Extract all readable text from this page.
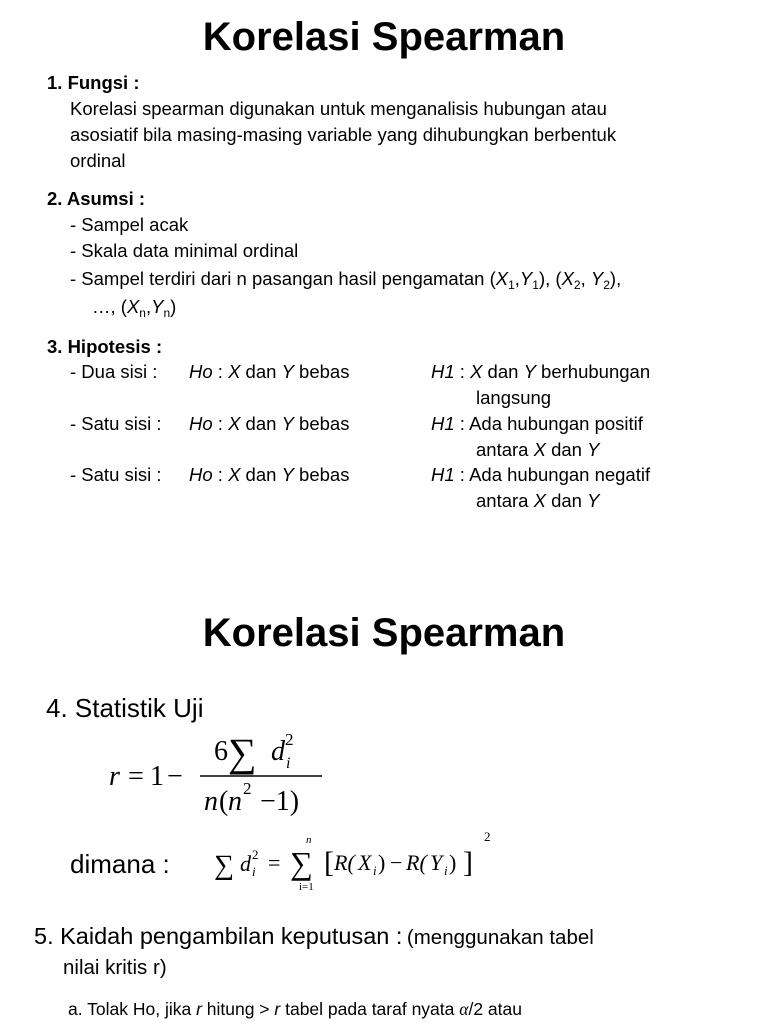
Korelasi Spearman
1. Fungsi :
Korelasi spearman digunakan untuk menganalisis hubungan atau
asosiatif bila masing-masing variable yang dihubungkan berbentuk
ordinal
2. Asumsi :
- Sampel acak
- Skala data minimal ordinal
- Sampel terdiri dari n pasangan hasil pengamatan $(X_1,Y_1)$, ($X_2$, $Y_2$),
…, $(X_n,Y_n)$
3. Hipotesis :
- Dua sisi : Ho : X dan Y bebas	H1 : X dan Y berhubungan
langsung
- Satu sisi : Ho : X dan Y bebas	H1 : Ada hubungan positif
antara X dan Y
- Satu sisi : Ho : X dan Y bebas	H1 : Ada hubungan negatif
antara X dan Y
Korelasi Spearman
4. Statistik Uji
r = 1 −
6 ∑ d 2
i
n ( n 2 −1)
dimana : ∑ d 2
i =
n
∑
i=1
[ R( X i ) − R( Y i ) ]
2
5. Kaidah pengambilan keputusan : (menggunakan tabel
nilai kritis r)
a. Tolak Ho, jika r hitung > r tabel pada taraf nyata α/2 atau
